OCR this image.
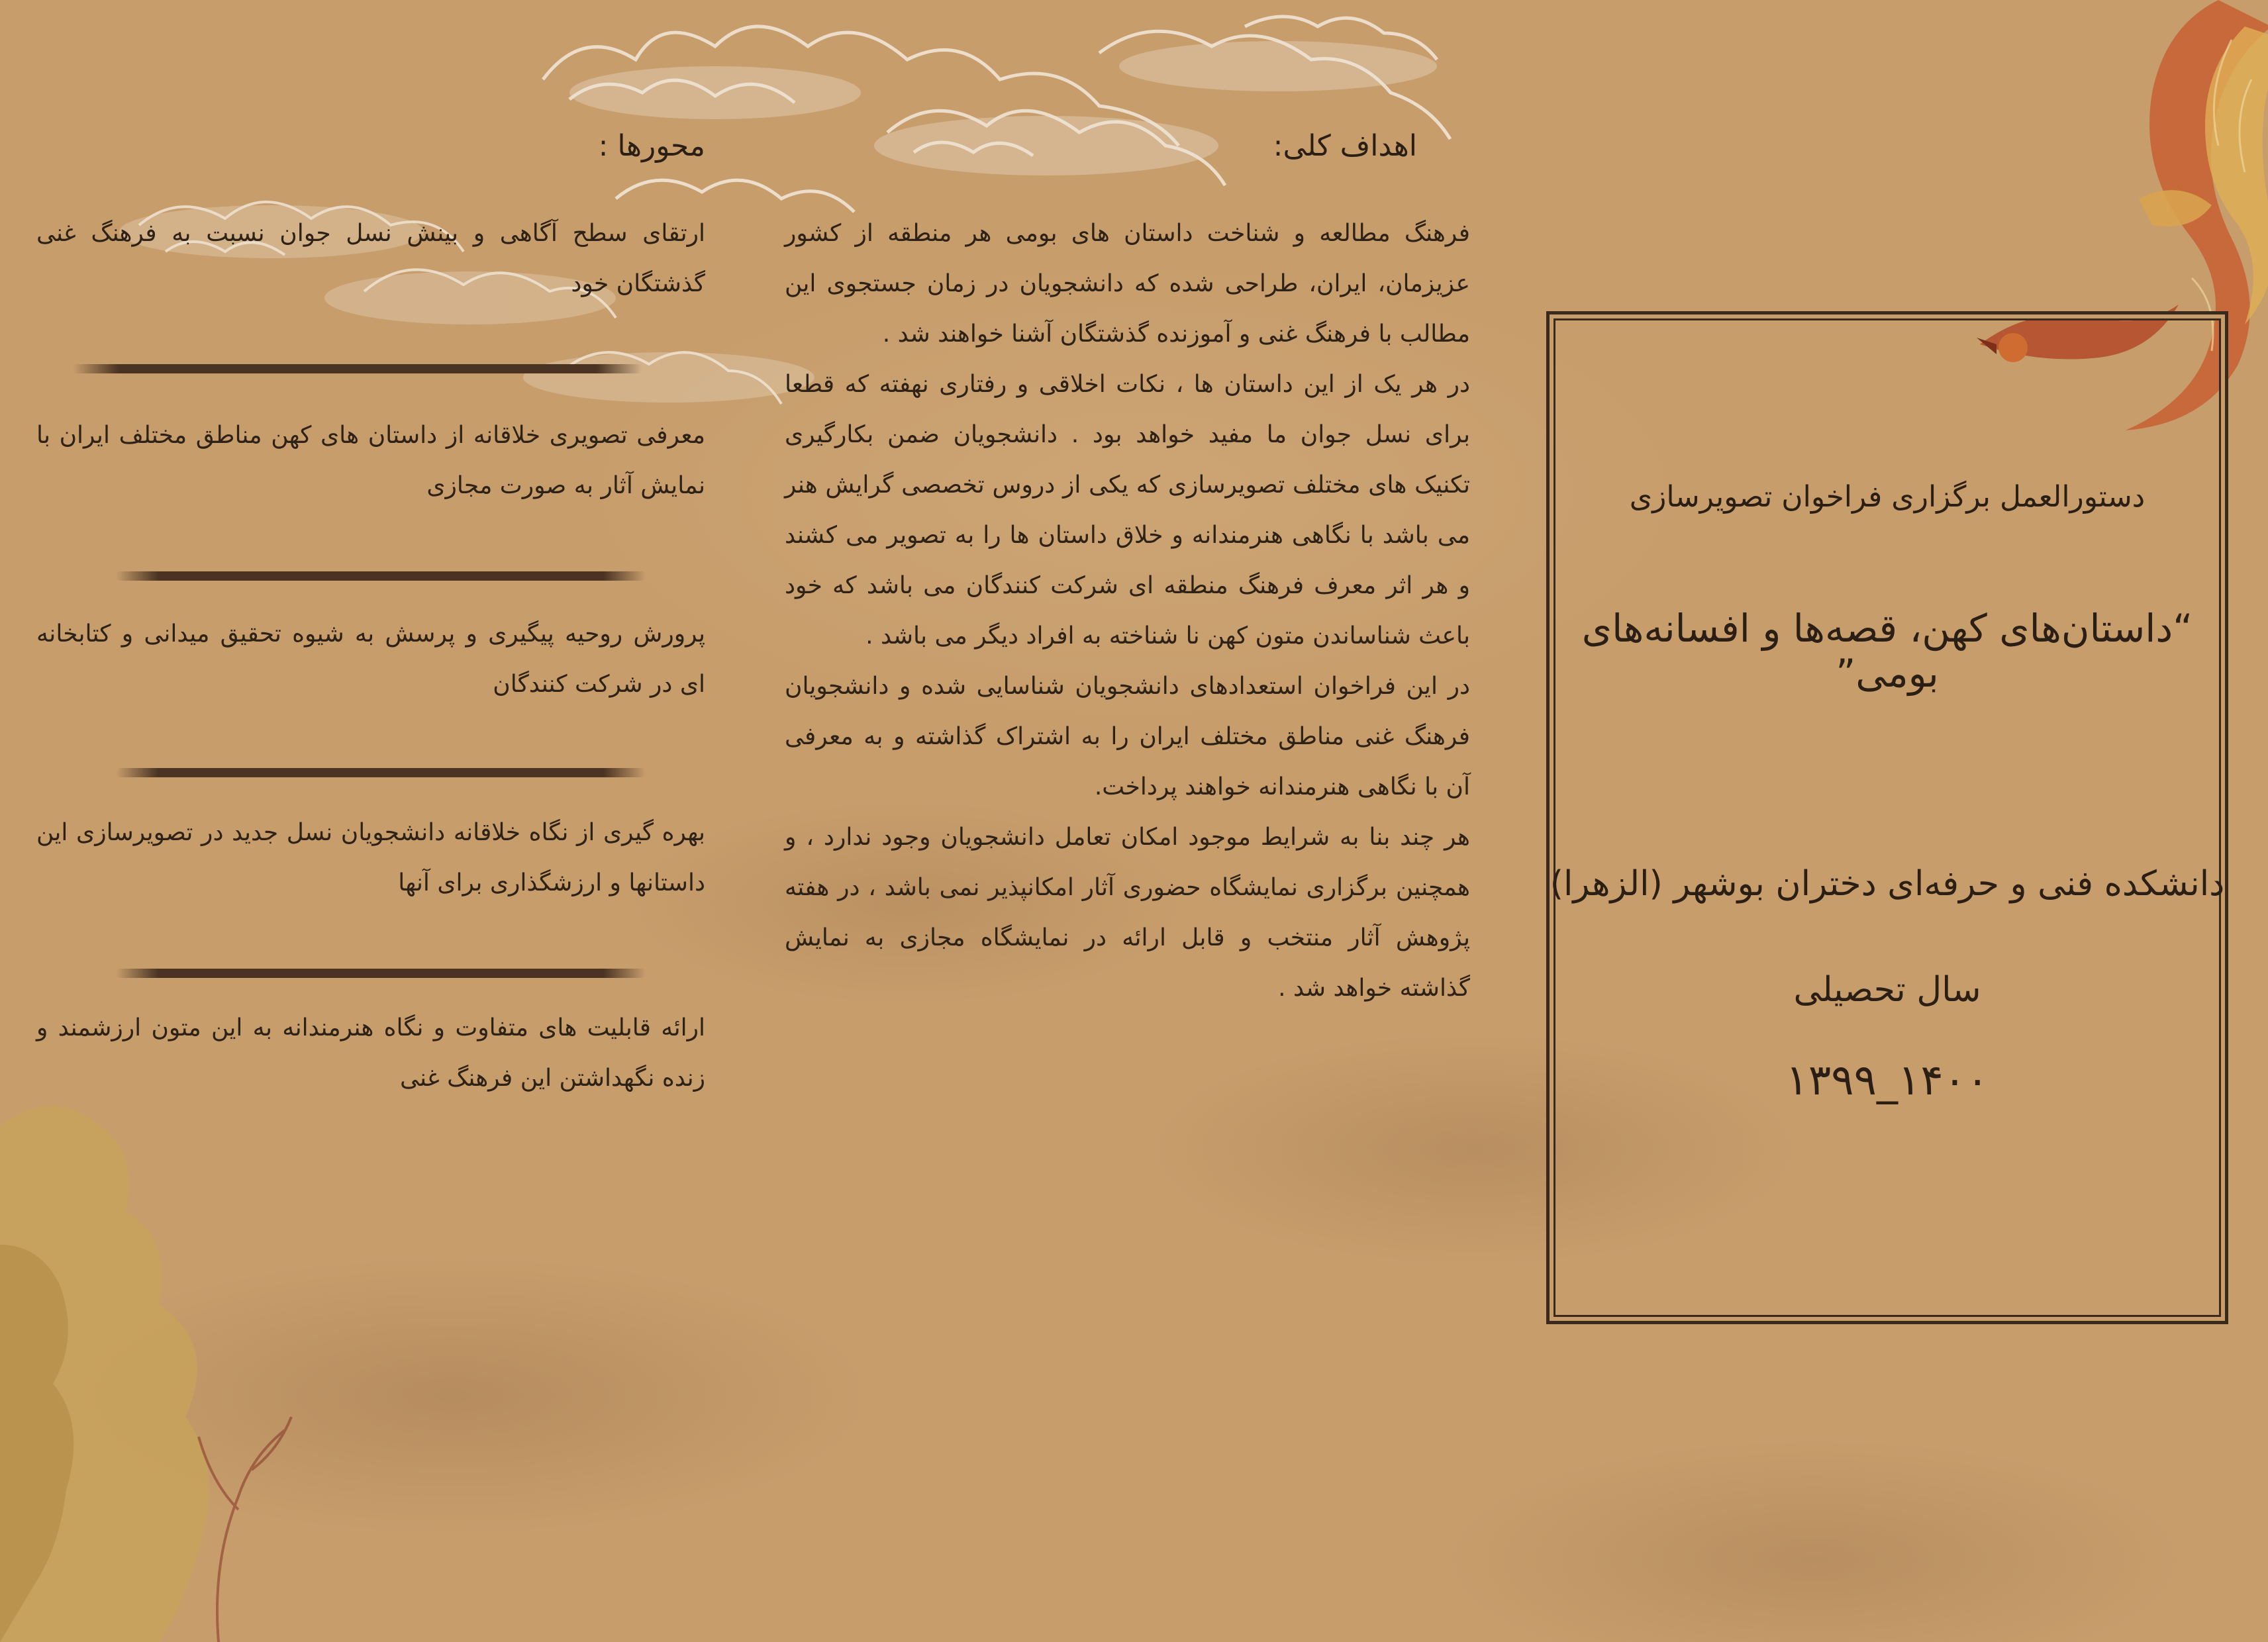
اهداف کلی:

فرهنگ مطالعه و شناخت داستان های بومی هر منطقه از کشور عزیزمان، ایران، طراحی شده که دانشجویان در زمان جستجوی این مطالب با فرهنگ غنی و آموزنده گذشتگان آشنا خواهند شد .

در هر یک از این داستان ها ، نکات اخلاقی و رفتاری نهفته که قطعا برای نسل جوان ما مفید خواهد بود . دانشجویان ضمن بکارگیری تکنیک های مختلف تصویرسازی که یکی از دروس تخصصی گرایش هنر می باشد با نگاهی هنرمندانه و خلاق داستان ها را به تصویر می کشند و هر اثر معرف فرهنگ منطقه ای شرکت کنندگان می باشد که خود باعث شناساندن متون کهن نا شناخته به افراد دیگر می باشد .

در این فراخوان استعدادهای دانشجویان شناسایی شده و دانشجویان فرهنگ غنی مناطق مختلف ایران را به اشتراک گذاشته و به معرفی آن با نگاهی هنرمندانه خواهند پرداخت.

هر چند بنا به شرایط موجود امکان تعامل دانشجویان وجود ندارد ، و همچنین برگزاری نمایشگاه حضوری آثار امکانپذیر نمی باشد ، در هفته پژوهش آثار منتخب و قابل ارائه در نمایشگاه مجازی به نمایش گذاشته خواهد شد .

محورها :
ارتقای سطح آگاهی و بینش نسل جوان نسبت به فرهنگ غنی گذشتگان خود
معرفی تصویری خلاقانه از داستان های کهن مناطق مختلف ایران با نمایش آثار به صورت مجازی
پرورش روحیه پیگیری و پرسش به شیوه تحقیق میدانی و کتابخانه ای در شرکت کنندگان
بهره گیری از نگاه خلاقانه دانشجویان نسل جدید در تصویرسازی این داستانها و ارزشگذاری برای آنها
ارائه قابلیت های متفاوت و نگاه هنرمندانه به این متون ارزشمند و زنده نگهداشتن این فرهنگ غنی
دستورالعمل برگزاری فراخوان تصویرسازی
“داستان‌های کهن، قصه‌ها و افسانه‌های بومی”
دانشکده فنی و حرفه‌ای دختران بوشهر (الزهرا)
سال تحصیلی
۱۴۰۰_۱۳۹۹
